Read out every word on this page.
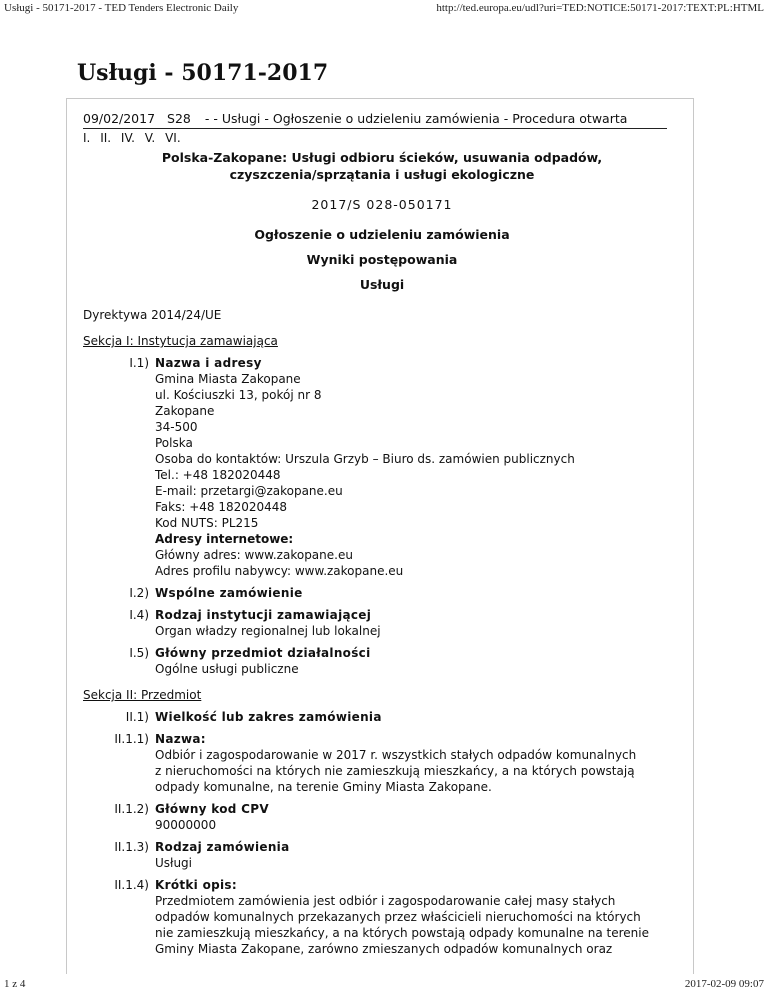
Usługi - 50171-2017 - TED Tenders Electronic Daily	http://ted.europa.eu/udl?uri=TED:NOTICE:50171-2017:TEXT:PL:HTML
Usługi - 50171-2017
09/02/2017 S28 - - Usługi - Ogłoszenie o udzieleniu zamówienia - Procedura otwarta
I. II. IV. V. VI.
Polska-Zakopane: Usługi odbioru ścieków, usuwania odpadów,
czyszczenia/sprzątania i usługi ekologiczne
2017/S 028-050171
Ogłoszenie o udzieleniu zamówienia
Wyniki postępowania
Usługi
Dyrektywa 2014/24/UE
Sekcja I: Instytucja zamawiająca
I.1) Nazwa i adresy
Gmina Miasta Zakopane
ul. Kościuszki 13, pokój nr 8
Zakopane
34-500
Polska
Osoba do kontaktów: Urszula Grzyb – Biuro ds. zamówien publicznych
Tel.: +48 182020448
E-mail: przetargi@zakopane.eu
Faks: +48 182020448
Kod NUTS: PL215
Adresy internetowe:
Główny adres: www.zakopane.eu
Adres profilu nabywcy: www.zakopane.eu
I.2) Wspólne zamówienie
I.4) Rodzaj instytucji zamawiającej
Organ władzy regionalnej lub lokalnej
I.5) Główny przedmiot działalności
Ogólne usługi publiczne
Sekcja II: Przedmiot
II.1) Wielkość lub zakres zamówienia
II.1.1) Nazwa:
Odbiór i zagospodarowanie w 2017 r. wszystkich stałych odpadów komunalnych
z nieruchomości na których nie zamieszkują mieszkańcy, a na których powstają
odpady komunalne, na terenie Gminy Miasta Zakopane.
II.1.2) Główny kod CPV
90000000
II.1.3) Rodzaj zamówienia
Usługi
II.1.4) Krótki opis:
Przedmiotem zamówienia jest odbiór i zagospodarowanie całej masy stałych
odpadów komunalnych przekazanych przez właścicieli nieruchomości na których
nie zamieszkują mieszkańcy, a na których powstają odpady komunalne na terenie
Gminy Miasta Zakopane, zarówno zmieszanych odpadów komunalnych oraz
1 z 4	2017-02-09 09:07
